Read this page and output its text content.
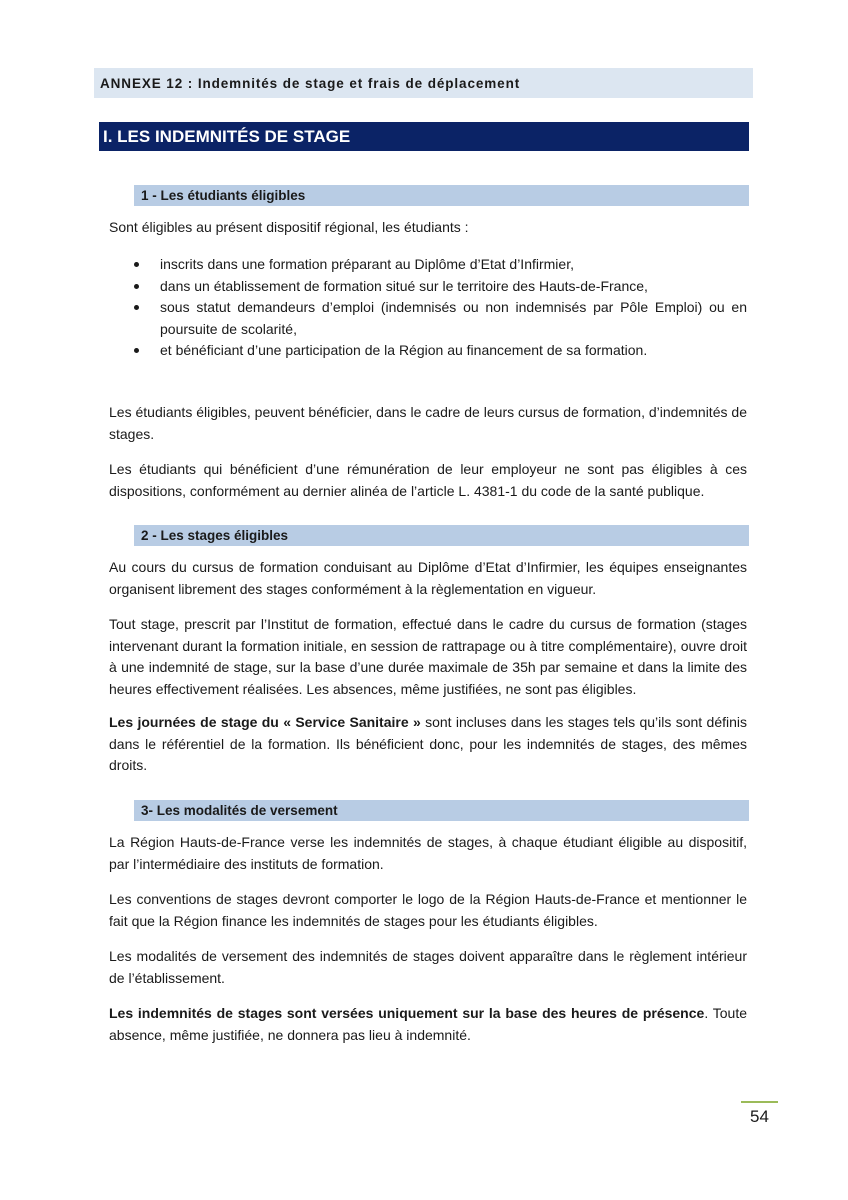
ANNEXE 12 : Indemnités de stage et frais de déplacement
I. LES INDEMNITÉS DE STAGE
1 - Les étudiants éligibles

Sont éligibles au présent dispositif régional, les étudiants :

inscrits dans une formation préparant au Diplôme d’Etat d’Infirmier,
dans un établissement de formation situé sur le territoire des Hauts-de-France,
sous statut demandeurs d’emploi (indemnisés ou non indemnisés par Pôle Emploi) ou en poursuite de scolarité,
et bénéficiant d’une participation de la Région au financement de sa formation.

Les étudiants éligibles, peuvent bénéficier, dans le cadre de leurs cursus de formation, d’indemnités de stages.

Les étudiants qui bénéficient d’une rémunération de leur employeur ne sont pas éligibles à ces dispositions, conformément au dernier alinéa de l’article L. 4381-1 du code de la santé publique.

2 - Les stages éligibles

Au cours du cursus de formation conduisant au Diplôme d’Etat d’Infirmier, les équipes enseignantes organisent librement des stages conformément à la règlementation en vigueur.

Tout stage, prescrit par l’Institut de formation, effectué dans le cadre du cursus de formation (stages intervenant durant la formation initiale, en session de rattrapage ou à titre complémentaire), ouvre droit à une indemnité de stage, sur la base d’une durée maximale de 35h par semaine et dans la limite des heures effectivement réalisées. Les absences, même justifiées, ne sont pas éligibles.

Les journées de stage du « Service Sanitaire » sont incluses dans les stages tels qu’ils sont définis dans le référentiel de la formation. Ils bénéficient donc, pour les indemnités de stages, des mêmes droits.

3- Les modalités de versement

La Région Hauts-de-France verse les indemnités de stages, à chaque étudiant éligible au dispositif, par l’intermédiaire des instituts de formation.

Les conventions de stages devront comporter le logo de la Région Hauts-de-France et mentionner le fait que la Région finance les indemnités de stages pour les étudiants éligibles.

Les modalités de versement des indemnités de stages doivent apparaître dans le règlement intérieur de l’établissement.

Les indemnités de stages sont versées uniquement sur la base des heures de présence. Toute absence, même justifiée, ne donnera pas lieu à indemnité.

54
